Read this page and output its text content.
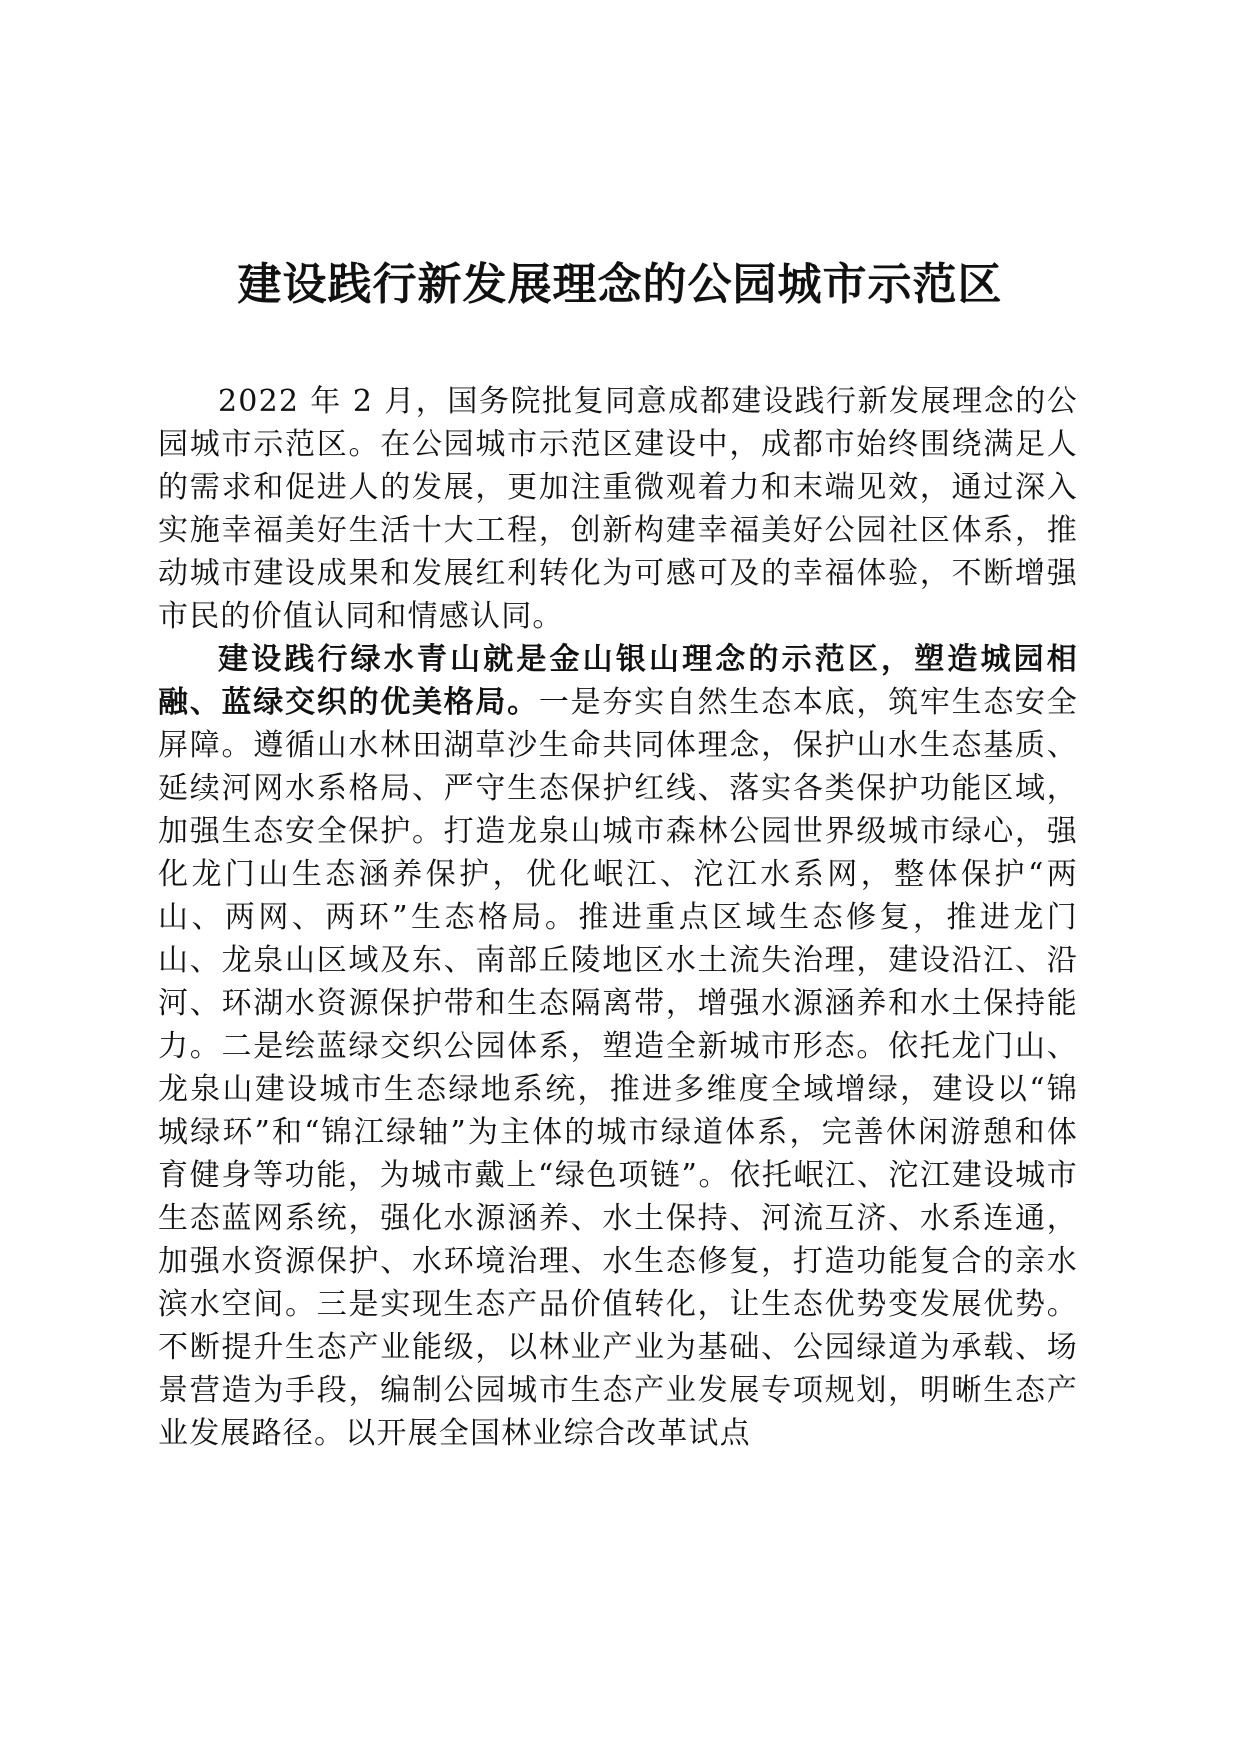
建设践行新发展理念的公园城市示范区

2022 年 2 月，国务院批复同意成都建设践行新发展理念的公园城市示范区。在公园城市示范区建设中，成都市始终围绕满足人的需求和促进人的发展，更加注重微观着力和末端见效，通过深入实施幸福美好生活十大工程，创新构建幸福美好公园社区体系，推动城市建设成果和发展红利转化为可感可及的幸福体验，不断增强市民的价值认同和情感认同。

建设践行绿水青山就是金山银山理念的示范区，塑造城园相融、蓝绿交织的优美格局。一是夯实自然生态本底，筑牢生态安全屏障。遵循山水林田湖草沙生命共同体理念，保护山水生态基质、延续河网水系格局、严守生态保护红线、落实各类保护功能区域，加强生态安全保护。打造龙泉山城市森林公园世界级城市绿心，强化龙门山生态涵养保护，优化岷江、沱江水系网，整体保护“两山、两网、两环”生态格局。推进重点区域生态修复，推进龙门山、龙泉山区域及东、南部丘陵地区水土流失治理，建设沿江、沿河、环湖水资源保护带和生态隔离带，增强水源涵养和水土保持能力。二是绘蓝绿交织公园体系，塑造全新城市形态。依托龙门山、龙泉山建设城市生态绿地系统，推进多维度全域增绿，建设以“锦城绿环”和“锦江绿轴”为主体的城市绿道体系，完善休闲游憩和体育健身等功能，为城市戴上“绿色项链”。依托岷江、沱江建设城市生态蓝网系统，强化水源涵养、水土保持、河流互济、水系连通，加强水资源保护、水环境治理、水生态修复，打造功能复合的亲水滨水空间。三是实现生态产品价值转化，让生态优势变发展优势。不断提升生态产业能级，以林业产业为基础、公园绿道为承载、场景营造为手段，编制公园城市生态产业发展专项规划，明晰生态产业发展路径。以开展全国林业综合改革试点
